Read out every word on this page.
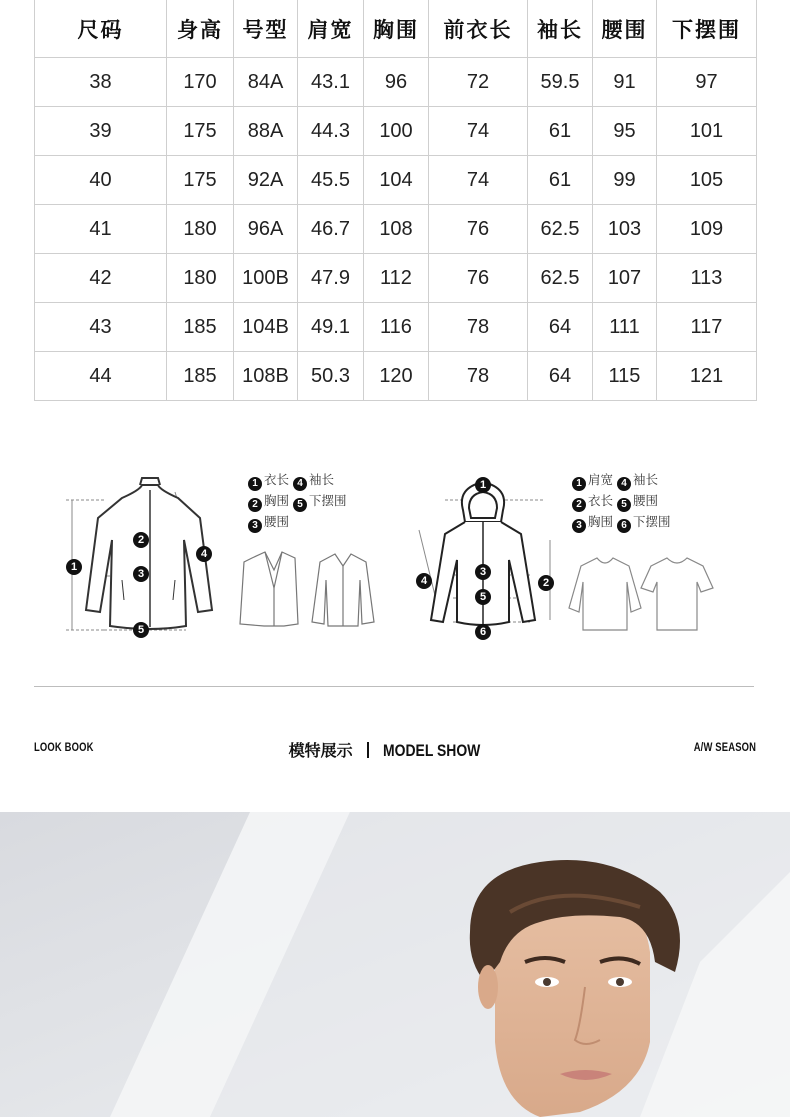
尺码	身高	号型	肩宽	胸围	前衣长	袖长	腰围	下摆围
38	170	84A	43.1	96	72	59.5	91	97
39	175	88A	44.3	100	74	61	95	101
40	175	92A	45.5	104	74	61	99	105
41	180	96A	46.7	108	76	62.5	103	109
42	180	100B	47.9	112	76	62.5	107	113
43	185	104B	49.1	116	78	64	111	117
44	185	108B	50.3	120	78	64	115	121
1
2
3
4
5
1 衣长 4 袖长
2 胸围 5 下摆围
3 腰围
1
2
3
4
5
6
1 肩宽 4 袖长
2 衣长 5 腰围
3 胸围 6 下摆围
LOOK BOOK	模特展示 MODEL SHOW	A/W SEASON
